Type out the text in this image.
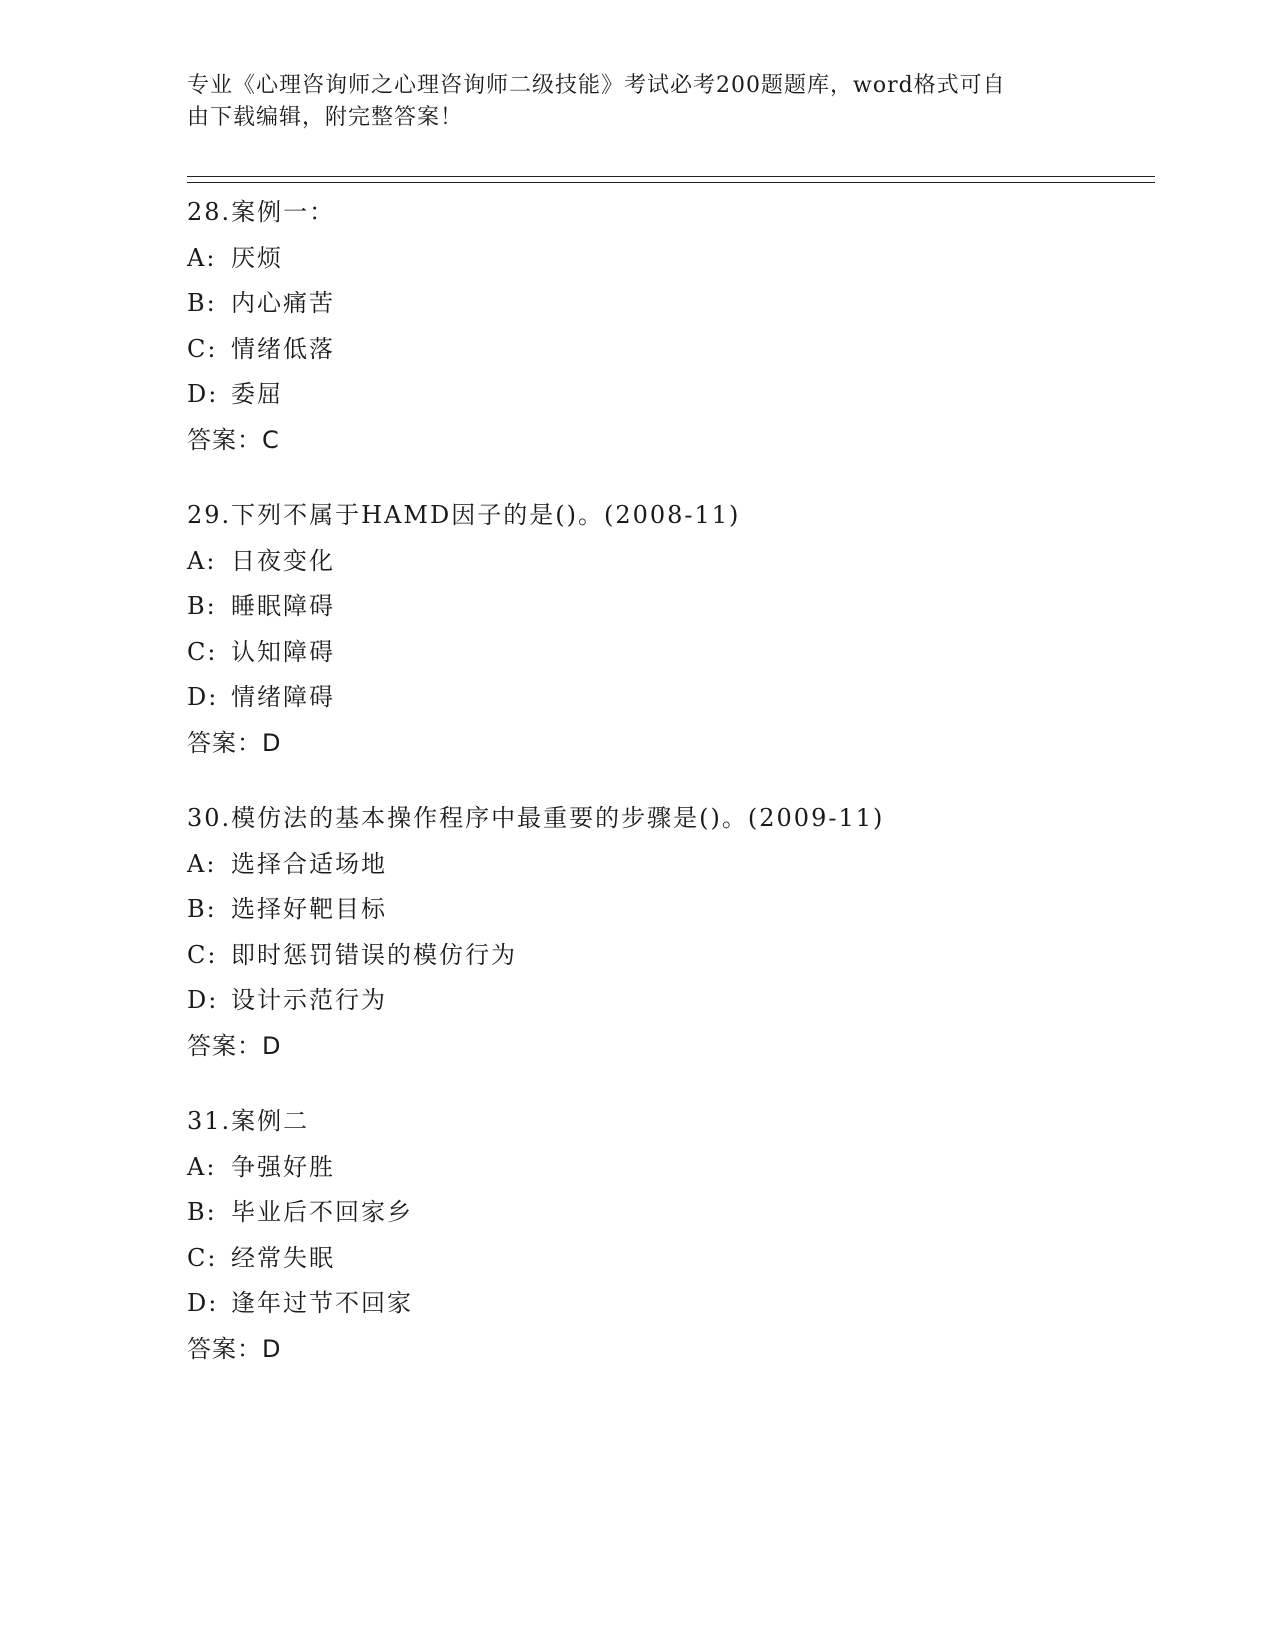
专业《心理咨询师之心理咨询师二级技能》考试必考200题题库，word格式可自
由下载编辑，附完整答案！
28.案例一：
A: 厌烦
B: 内心痛苦
C: 情绪低落
D: 委屈
答案：C
29.下列不属于HAMD因子的是()。(2008-11)
A: 日夜变化
B: 睡眠障碍
C: 认知障碍
D: 情绪障碍
答案：D
30.模仿法的基本操作程序中最重要的步骤是()。(2009-11)
A: 选择合适场地
B: 选择好靶目标
C: 即时惩罚错误的模仿行为
D: 设计示范行为
答案：D
31.案例二
A: 争强好胜
B: 毕业后不回家乡
C: 经常失眠
D: 逢年过节不回家
答案：D
